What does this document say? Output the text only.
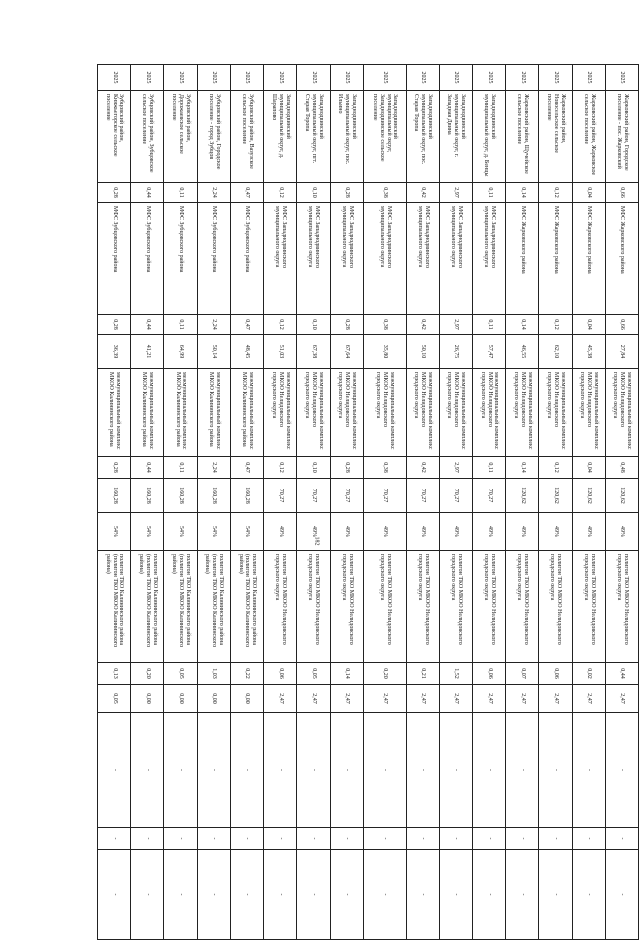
182
2025	Жарковский район, Городское поселение - пос. Жарковский	0,66	МФС Жарковского района	0,66	27,84	межмуниципальный комплекс МКОО Нелидовского городского округа	0,48	120,62	49%	полигон ТКО МКОО Нелидовского городского округа	0,44	2,47	-	-	-
2025	Жарковский район, Жарковское сельское поселение	0,04	МФС Жарковского района	0,04	45,38	межмуниципальный комплекс МКОО Нелидовского городского округа	0,04	120,62	49%	полигон ТКО МКОО Нелидовского городского округа	0,02	2,47	-	-	-
2025	Жарковский район, Новосельское сельское поселение	0,12	МФС Жарковского района	0,12	62,10	межмуниципальный комплекс МКОО Нелидовского городского округа	0,12	120,62	49%	полигон ТКО МКОО Нелидовского городского округа	0,06	2,47	-	-	-
2025	Жарковский район, Щучейское сельское поселение	0,14	МФС Жарковского района	0,14	46,55	межмуниципальный комплекс МКОО Нелидовского городского округа	0,14	120,62	49%	полигон ТКО МКОО Нелидовского городского округа	0,07	2,47	-	-	-
2025	Западнодвинский муниципальный округ, д. Бенцы	0,11	МФС Западнодвинского муниципального округа	0,11	57,47	межмуниципальный комплекс МКОО Нелидовского городского округа	0,11	70,27	49%	полигон ТКО МКОО Нелидовского городского округа	0,06	2,47	-	-	-
2025	Западнодвинский муниципальный округ, г. Западная Двина	2,97	МФС Западнодвинского муниципального округа	2,97	26,75	межмуниципальный комплекс МКОО Нелидовского городского округа	2,97	70,27	49%	полигон ТКО МКОО Нелидовского городского округа	1,52	2,47	-	-	-
2025	Западнодвинский муниципальный округ, пос. Старая Торопа	0,42	МФС Западнодвинского муниципального округа	0,42	50,10	межмуниципальный комплекс МКОО Нелидовского городского округа	0,42	70,27	49%	полигон ТКО МКОО Нелидовского городского округа	0,21	2,47	-	-	-
2025	Западнодвинский муниципальный округ, Западнодвинское сельское поселение	0,38	МФС Западнодвинского муниципального округа	0,38	35,80	межмуниципальный комплекс МКОО Нелидовского городского округа	0,38	70,27	49%	полигон ТКО МКОО Нелидовского городского округа	0,20	2,47	-	-	-
2025	Западнодвинский муниципальный округ, пос. Ильино	0,28	МФС Западнодвинского муниципального округа	0,28	67,64	межмуниципальный комплекс МКОО Нелидовского городского округа	0,28	70,27	49%	полигон ТКО МКОО Нелидовского городского округа	0,14	2,47	-	-	-
2025	Западнодвинский муниципальный округ, пгт. Старая Торопа	0,10	МФС Западнодвинского муниципального округа	0,10	67,38	межмуниципальный комплекс МКОО Нелидовского городского округа	0,10	70,27	49%	полигон ТКО МКОО Нелидовского городского округа	0,05	2,47	-	-	-
2025	Западнодвинский муниципальный округ, д. Шарапово	0,12	МФС Западнодвинского муниципального округа	0,12	51,03	межмуниципальный комплекс МКОО Нелидовского городского округа	0,12	70,27	49%	полигон ТКО МКОО Нелидовского городского округа	0,06	2,47	-	-	-
2025	Зубцовский район, Вазузское сельское поселение	0,47	МФС Зубцовского района	0,47	48,45	межмуниципальный комплекс МКОО Калининского района	0,47	160,28	54%	полигон ТКО Калининского района (полигон ТКО МКОО Калининского района)	0,22	0,00	-	-	-
2025	Зубцовский район, Городское поселение - город Зубцов	2,24	МФС Зубцовского района	2,24	50,14	межмуниципальный комплекс МКОО Калининского района	2,24	160,28	54%	полигон ТКО Калининского района (полигон ТКО МКОО Калининского района)	1,03	0,00	-	-	-
2025	Зубцовский район, Дорожаевское сельское поселение	0,11	МФС Зубцовского района	0,11	64,99	межмуниципальный комплекс МКОО Калининского района	0,11	160,28	54%	полигон ТКО Калининского района (полигон ТКО МКОО Калининского района)	0,05	0,00	-	-	-
2025	Зубцовский район, Зубцовское сельское поселение	0,44	МФС Зубцовского района	0,44	41,21	межмуниципальный комплекс МКОО Калининского района	0,44	160,28	54%	полигон ТКО Калининского района (полигон ТКО МКОО Калининского района)	0,20	0,00	-	-	-
2025	Зубцовский район, Княжьегорское сельское поселение	0,28	МФС Зубцовского района	0,28	36,39	межмуниципальный комплекс МКОО Калининского района	0,28	160,28	54%	полигон ТКО Калининского района (полигон ТКО МКОО Калининского района)	0,13	0,05	-	-	-
